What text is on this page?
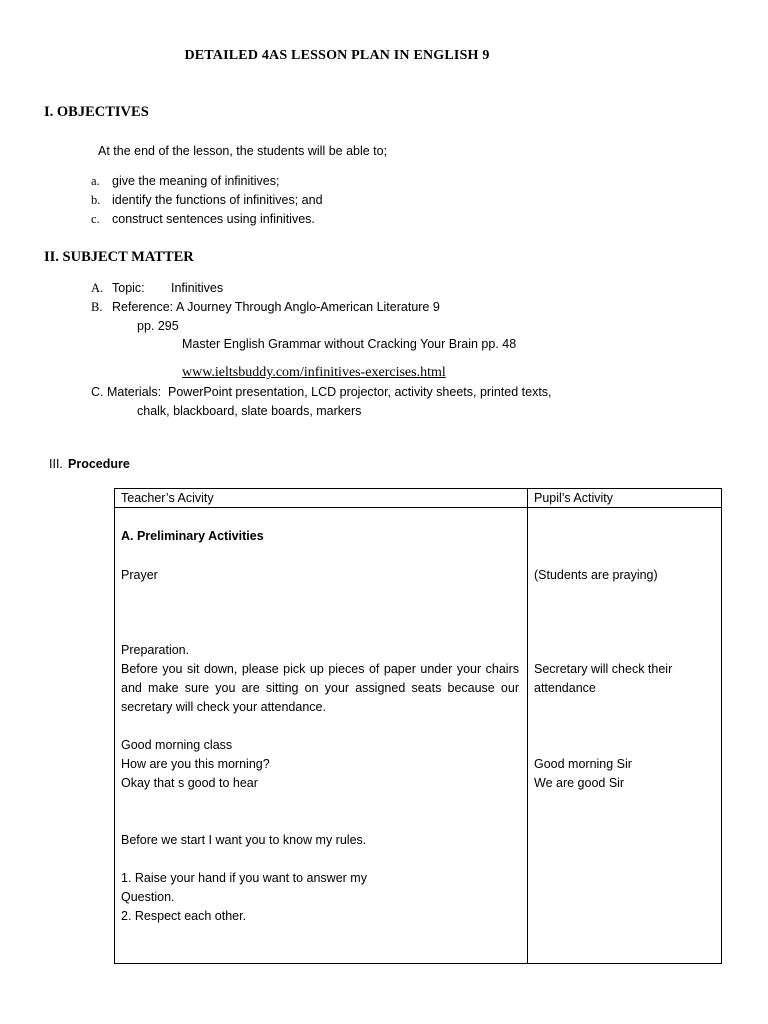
DETAILED 4AS LESSON PLAN IN ENGLISH 9
I. OBJECTIVES
At the end of the lesson, the students will be able to;
a. give the meaning of infinitives;
b. identify the functions of infinitives; and
c. construct sentences using infinitives.
II. SUBJECT MATTER
A. Topic: Infinitives
B. Reference: A Journey Through Anglo-American Literature 9
pp. 295
Master English Grammar without Cracking Your Brain pp. 48
www.ieltsbuddy.com/infinitives-exercises.html
C. Materials: PowerPoint presentation, LCD projector, activity sheets, printed texts,
chalk, blackboard, slate boards, markers
III. Procedure
Teacher’s Acivity	Pupil’s Activity
A. Preliminary Activities
Prayer	(Students are praying)
Preparation.
Before you sit down, please pick up pieces of paper under your chairs and make sure you are sitting on your assigned seats because our secretary will check your attendance.
Secretary will check their
attendance
Good morning class
How are you this morning?
Okay that s good to hear
Good morning Sir
We are good Sir
Before we start I want you to know my rules.
1. Raise your hand if you want to answer my
Question.
2. Respect each other.
